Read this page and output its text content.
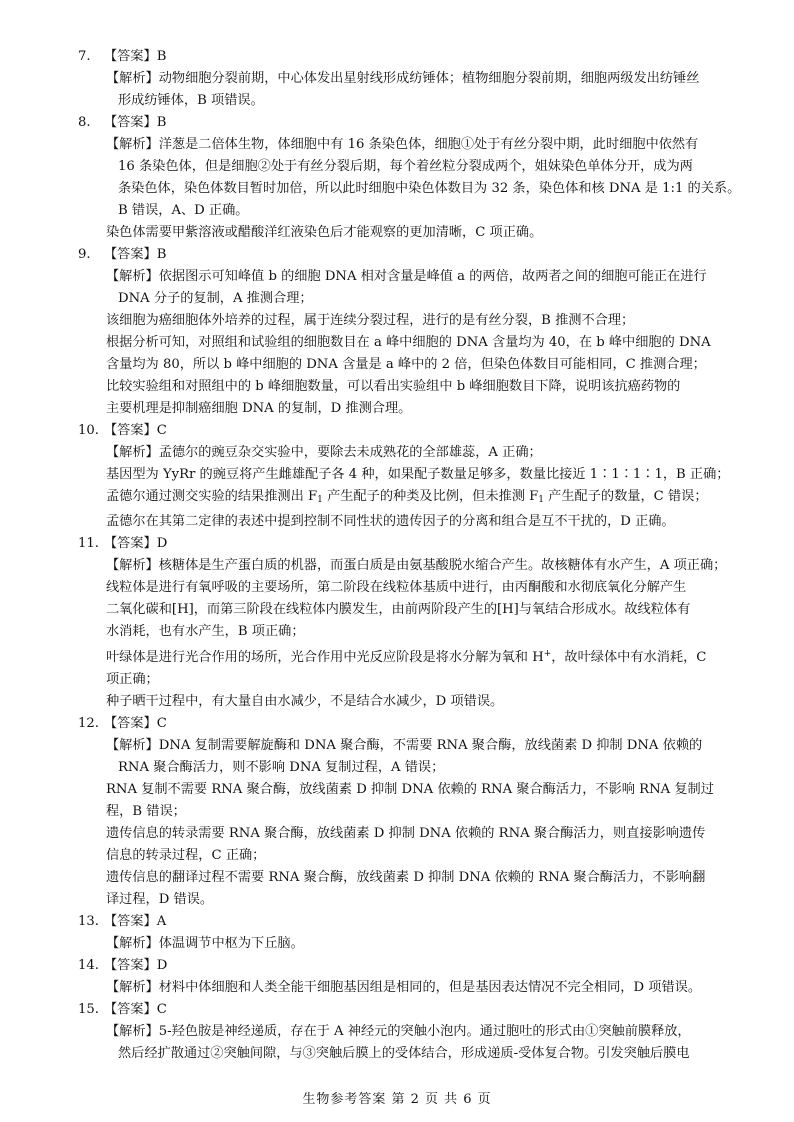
7.	【答案】B
【解析】动物细胞分裂前期，中心体发出星射线形成纺锤体；植物细胞分裂前期，细胞两级发出纺锤丝
形成纺锤体，B 项错误。
8.	【答案】B
【解析】洋葱是二倍体生物，体细胞中有 16 条染色体，细胞①处于有丝分裂中期，此时细胞中依然有
16 条染色体，但是细胞②处于有丝分裂后期，每个着丝粒分裂成两个，姐妹染色单体分开，成为两
条染色体，染色体数目暂时加倍，所以此时细胞中染色体数目为 32 条，染色体和核 DNA 是 1:1 的关系。
B 错误，A、D 正确。
染色体需要甲紫溶液或醋酸洋红液染色后才能观察的更加清晰，C 项正确。
9.	【答案】B
【解析】依据图示可知峰值 b 的细胞 DNA 相对含量是峰值 a 的两倍，故两者之间的细胞可能正在进行
DNA 分子的复制，A 推测合理；
该细胞为癌细胞体外培养的过程，属于连续分裂过程，进行的是有丝分裂，B 推测不合理；
根据分析可知，对照组和试验组的细胞数目在 a 峰中细胞的 DNA 含量均为 40，在 b 峰中细胞的 DNA
含量均为 80，所以 b 峰中细胞的 DNA 含量是 a 峰中的 2 倍，但染色体数目可能相同，C 推测合理；
比较实验组和对照组中的 b 峰细胞数量，可以看出实验组中 b 峰细胞数目下降，说明该抗癌药物的
主要机理是抑制癌细胞 DNA 的复制，D 推测合理。
10. 【答案】C
【解析】孟德尔的豌豆杂交实验中，要除去未成熟花的全部雄蕊，A 正确；
基因型为 YyRr 的豌豆将产生雌雄配子各 4 种，如果配子数量足够多，数量比接近 1∶1∶1∶1，B 正确；
孟德尔通过测交实验的结果推测出 $F_1$ 产生配子的种类及比例，但未推测 $F_1$ 产生配子的数量，C 错误；
孟德尔在其第二定律的表述中提到控制不同性状的遗传因子的分离和组合是互不干扰的，D 正确。
11. 【答案】D
【解析】核糖体是生产蛋白质的机器，而蛋白质是由氨基酸脱水缩合产生。故核糖体有水产生，A 项正确；
线粒体是进行有氧呼吸的主要场所，第二阶段在线粒体基质中进行，由丙酮酸和水彻底氧化分解产生
二氧化碳和[H]，而第三阶段在线粒体内膜发生，由前两阶段产生的[H]与氧结合形成水。故线粒体有
水消耗，也有水产生，B 项正确；
叶绿体是进行光合作用的场所，光合作用中光反应阶段是将水分解为氧和 H+，故叶绿体中有水消耗，C
项正确；
种子晒干过程中，有大量自由水减少，不是结合水减少，D 项错误。
12. 【答案】C
【解析】DNA 复制需要解旋酶和 DNA 聚合酶，不需要 RNA 聚合酶，放线菌素 D 抑制 DNA 依赖的
RNA 聚合酶活力，则不影响 DNA 复制过程，A 错误；
RNA 复制不需要 RNA 聚合酶，放线菌素 D 抑制 DNA 依赖的 RNA 聚合酶活力，不影响 RNA 复制过
程，B 错误；
遗传信息的转录需要 RNA 聚合酶，放线菌素 D 抑制 DNA 依赖的 RNA 聚合酶活力，则直接影响遗传
信息的转录过程，C 正确；
遗传信息的翻译过程不需要 RNA 聚合酶，放线菌素 D 抑制 DNA 依赖的 RNA 聚合酶活力，不影响翻
译过程，D 错误。
13. 【答案】A
【解析】体温调节中枢为下丘脑。
14. 【答案】D
【解析】材料中体细胞和人类全能干细胞基因组是相同的，但是基因表达情况不完全相同，D 项错误。
15. 【答案】C
【解析】5-羟色胺是神经递质，存在于 A 神经元的突触小泡内。通过胞吐的形式由①突触前膜释放，
然后经扩散通过②突触间隙，与③突触后膜上的受体结合，形成递质-受体复合物。引发突触后膜电
生物参考答案 第 2 页 共 6 页
